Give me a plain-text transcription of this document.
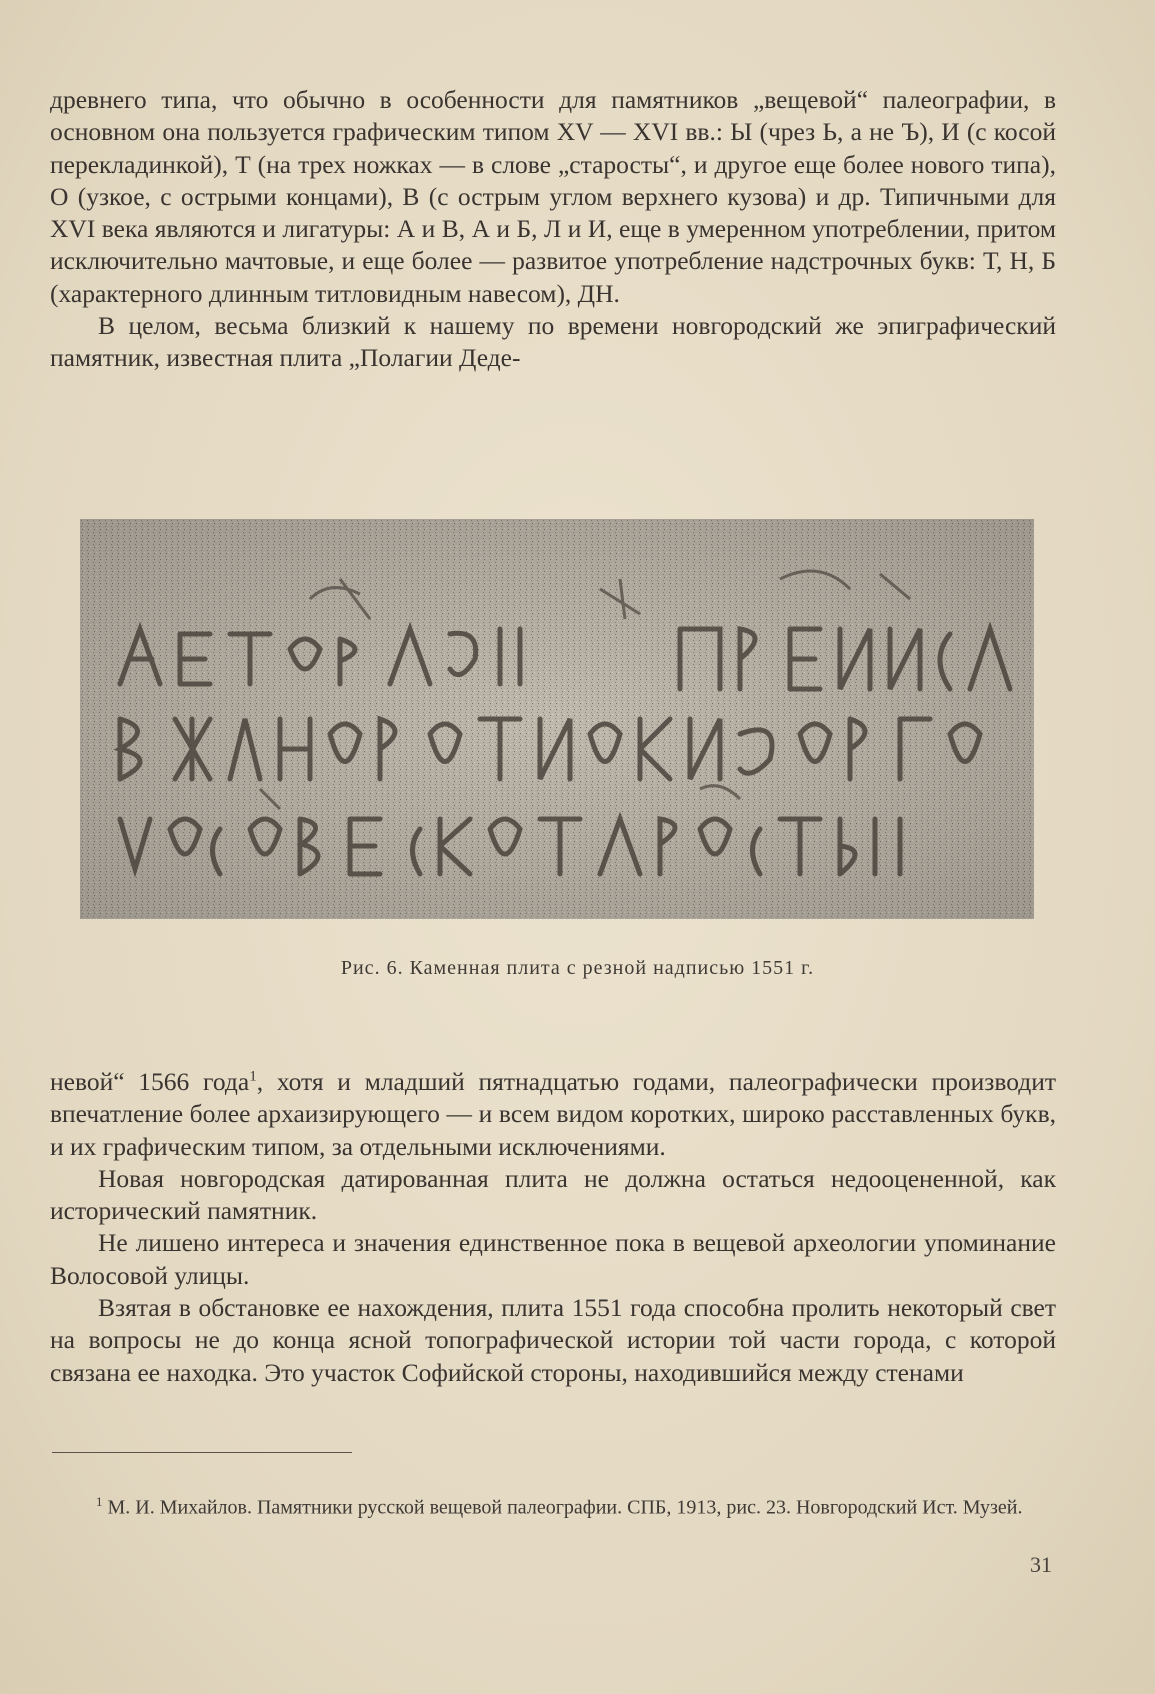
древнего типа, что обычно в особенности для памятников „вещевой“ палеографии, в основном она пользуется графическим типом XV — XVI вв.: Ы (чрез Ь, а не Ъ), И (с косой перекладинкой), Т (на трех ножках — в слове „старосты“, и другое еще более нового типа), О (узкое, с острыми концами), В (с острым углом верхнего кузова) и др. Типичными для XVI века являются и лигатуры: А и В, А и Б, Л и И, еще в умеренном употреблении, притом исключительно мачтовые, и еще более — развитое употребление надстрочных букв: Т, Н, Б (характерного длинным титловидным навесом), ДН.

В целом, весьма близкий к нашему по времени новгородский же эпиграфический памятник, известная плита „Полагии Деде-

Рис. 6. Каменная плита с резной надписью 1551 г.

невой“ 1566 года$^1$, хотя и младший пятнадцатью годами, палеографически производит впечатление более архаизирующего — и всем видом коротких, широко расставленных букв, и их графическим типом, за отдельными исключениями.

Новая новгородская датированная плита не должна остаться недооцененной, как исторический памятник.

Не лишено интереса и значения единственное пока в вещевой археологии упоминание Волосовой улицы.

Взятая в обстановке ее нахождения, плита 1551 года способна пролить некоторый свет на вопросы не до конца ясной топографической истории той части города, с которой связана ее находка. Это участок Софийской стороны, находившийся между стенами

$^1$ М. И. Михайлов. Памятники русской вещевой палеографии. СПБ, 1913, рис. 23. Новгородский Ист. Музей.
31
